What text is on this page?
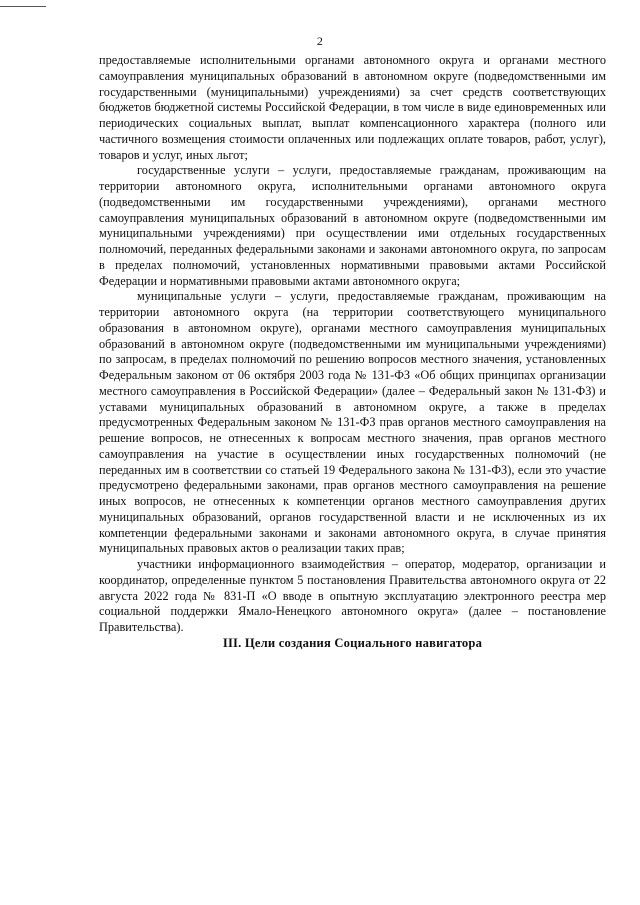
2

предоставляемые исполнительными органами автономного округа и органами местного самоуправления муниципальных образований в автономном округе (подведомственными им государственными (муниципальными) учреждениями) за счет средств соответствующих бюджетов бюджетной системы Российской Федерации, в том числе в виде единовременных или периодических социальных выплат, выплат компенсационного характера (полного или частичного возмещения стоимости оплаченных или подлежащих оплате товаров, работ, услуг), товаров и услуг, иных льгот;

государственные услуги – услуги, предоставляемые гражданам, проживающим на территории автономного округа, исполнительными органами автономного округа (подведомственными им государственными учреждениями), органами местного самоуправления муниципальных образований в автономном округе (подведомственными им муниципальными учреждениями) при осуществлении ими отдельных государственных полномочий, переданных федеральными законами и законами автономного округа, по запросам в пределах полномочий, установленных нормативными правовыми актами Российской Федерации и нормативными правовыми актами автономного округа;

муниципальные услуги – услуги, предоставляемые гражданам, проживающим на территории автономного округа (на территории соответствующего муниципального образования в автономном округе), органами местного самоуправления муниципальных образований в автономном округе (подведомственными им муниципальными учреждениями) по запросам, в пределах полномочий по решению вопросов местного значения, установленных Федеральным законом от 06 октября 2003 года № 131-ФЗ «Об общих принципах организации местного самоуправления в Российской Федерации» (далее – Федеральный закон № 131-ФЗ) и уставами муниципальных образований в автономном округе, а также в пределах предусмотренных Федеральным законом № 131-ФЗ прав органов местного самоуправления на решение вопросов, не отнесенных к вопросам местного значения, прав органов местного самоуправления на участие в осуществлении иных государственных полномочий (не переданных им в соответствии со статьей 19 Федерального закона № 131-ФЗ), если это участие предусмотрено федеральными законами, прав органов местного самоуправления на решение иных вопросов, не отнесенных к компетенции органов местного самоуправления других муниципальных образований, органов государственной власти и не исключенных из их компетенции федеральными законами и законами автономного округа, в случае принятия муниципальных правовых актов о реализации таких прав;

участники информационного взаимодействия – оператор, модератор, организации и координатор, определенные пунктом 5 постановления Правительства автономного округа от 22 августа 2022 года № 831-П «О вводе в опытную эксплуатацию электронного реестра мер социальной поддержки Ямало-Ненецкого автономного округа» (далее – постановление Правительства).

III. Цели создания Социального навигатора
